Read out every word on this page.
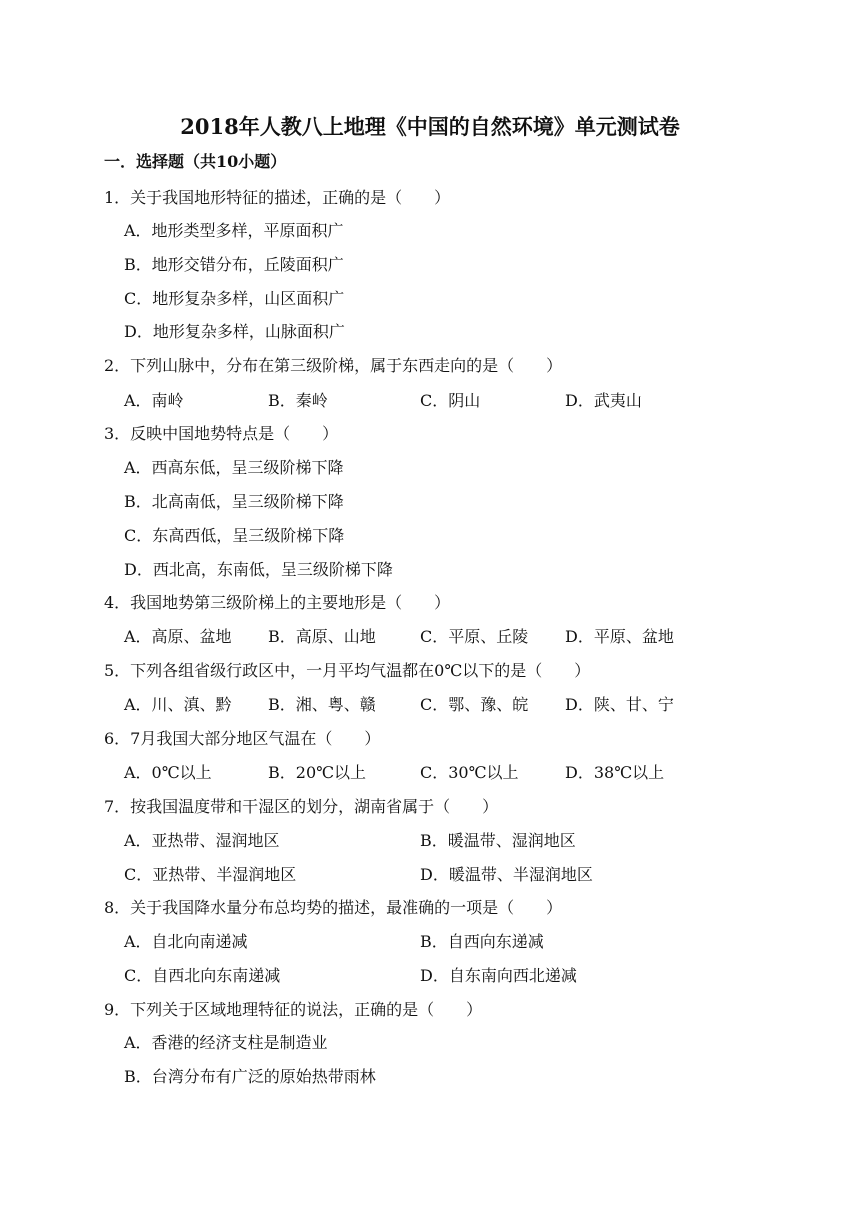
2018年人教八上地理《中国的自然环境》单元测试卷
一．选择题（共10小题）
1．关于我国地形特征的描述，正确的是（　　）
A．地形类型多样，平原面积广
B．地形交错分布，丘陵面积广
C．地形复杂多样，山区面积广
D．地形复杂多样，山脉面积广
2．下列山脉中，分布在第三级阶梯，属于东西走向的是（　　）
A．南岭	B．秦岭	C．阴山	D．武夷山
3．反映中国地势特点是（　　）
A．西高东低，呈三级阶梯下降
B．北高南低，呈三级阶梯下降
C．东高西低，呈三级阶梯下降
D．西北高，东南低，呈三级阶梯下降
4．我国地势第三级阶梯上的主要地形是（　　）
A．高原、盆地 B．高原、山地	C．平原、丘陵 D．平原、盆地
5．下列各组省级行政区中，一月平均气温都在0℃以下的是（　　）
A．川、滇、黔 B．湘、粤、赣	C．鄂、豫、皖 D．陕、甘、宁
6．7月我国大部分地区气温在（　　）
A．0℃以上	B．20℃以上	C．30℃以上	D．38℃以上
7．按我国温度带和干湿区的划分，湖南省属于（　　）
A．亚热带、湿润地区	B．暖温带、湿润地区
C．亚热带、半湿润地区	D．暖温带、半湿润地区
8．关于我国降水量分布总均势的描述，最准确的一项是（　　）
A．自北向南递减	B．自西向东递减
C．自西北向东南递减	D．自东南向西北递减
9．下列关于区域地理特征的说法，正确的是（　　）
A．香港的经济支柱是制造业
B．台湾分布有广泛的原始热带雨林
